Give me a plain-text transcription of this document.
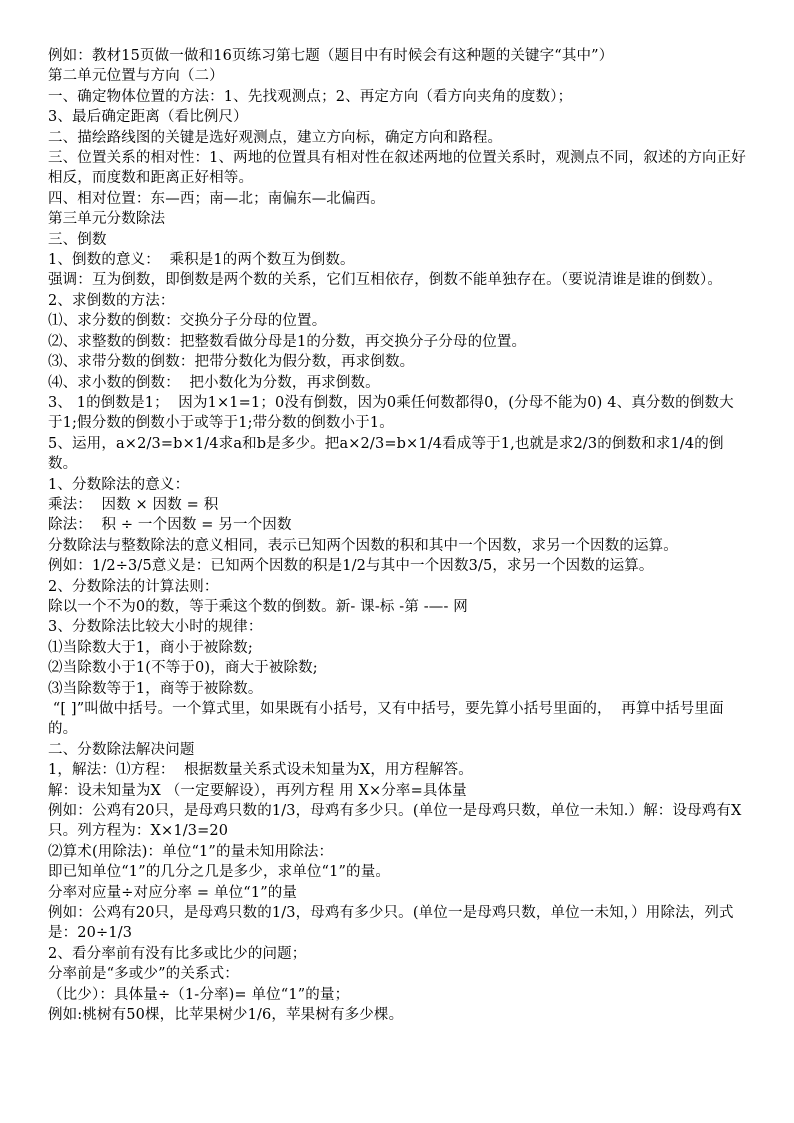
例如：教材15页做一做和16页练习第七题（题目中有时候会有这种题的关键字“其中”）
第二单元位置与方向（二）
一、确定物体位置的方法：1、先找观测点；2、再定方向（看方向夹角的度数）；
3、最后确定距离（看比例尺）
二、描绘路线图的关键是选好观测点，建立方向标，确定方向和路程。
三、位置关系的相对性：1、两地的位置具有相对性在叙述两地的位置关系时，观测点不同，叙述的方向正好相反，而度数和距离正好相等。
四、相对位置：东—西；南—北；南偏东—北偏西。
第三单元分数除法
三、倒数
1、倒数的意义：  乘积是1的两个数互为倒数。
强调：互为倒数，即倒数是两个数的关系，它们互相依存，倒数不能单独存在。（要说清谁是谁的倒数）。
2、求倒数的方法：
⑴、求分数的倒数：交换分子分母的位置。
⑵、求整数的倒数：把整数看做分母是1的分数，再交换分子分母的位置。
⑶、求带分数的倒数：把带分数化为假分数，再求倒数。
⑷、求小数的倒数：  把小数化为分数，再求倒数。
3、 1的倒数是1；  因为1×1=1；0没有倒数，因为0乘任何数都得0，(分母不能为0) 4、真分数的倒数大于1;假分数的倒数小于或等于1;带分数的倒数小于1。
5、运用，a×2/3=b×1/4求a和b是多少。把a×2/3=b×1/4看成等于1,也就是求2/3的倒数和求1/4的倒数。
1、分数除法的意义：
乘法：  因数 × 因数 = 积
除法：  积 ÷ 一个因数 = 另一个因数
分数除法与整数除法的意义相同，表示已知两个因数的积和其中一个因数，求另一个因数的运算。
例如：1/2÷3/5意义是：已知两个因数的积是1/2与其中一个因数3/5，求另一个因数的运算。
2、分数除法的计算法则：
除以一个不为0的数，等于乘这个数的倒数。新- 课-标 -第 -—- 网
3、分数除法比较大小时的规律：
⑴当除数大于1，商小于被除数;
⑵当除数小于1(不等于0)，商大于被除数;
⑶当除数等于1，商等于被除数。
“[ ]”叫做中括号。一个算式里，如果既有小括号，又有中括号，要先算小括号里面的，  再算中括号里面的。
二、分数除法解决问题
1，解法：⑴方程：  根据数量关系式设未知量为X，用方程解答。
解：设未知量为X （一定要解设），再列方程 用 X×分率=具体量
例如：公鸡有20只，是母鸡只数的1/3，母鸡有多少只。(单位一是母鸡只数，单位一未知.）解：设母鸡有X只。列方程为：X×1/3=20
⑵算术(用除法)：单位“1”的量未知用除法：
即已知单位“1”的几分之几是多少，求单位“1”的量。
分率对应量÷对应分率 = 单位“1”的量
例如：公鸡有20只，是母鸡只数的1/3，母鸡有多少只。(单位一是母鸡只数，单位一未知，）用除法，列式是：20÷1/3
2、看分率前有没有比多或比少的问题；
分率前是“多或少”的关系式：
（比少）：具体量÷（1-分率)= 单位“1”的量；
例如:桃树有50棵，比苹果树少1/6，苹果树有多少棵。
